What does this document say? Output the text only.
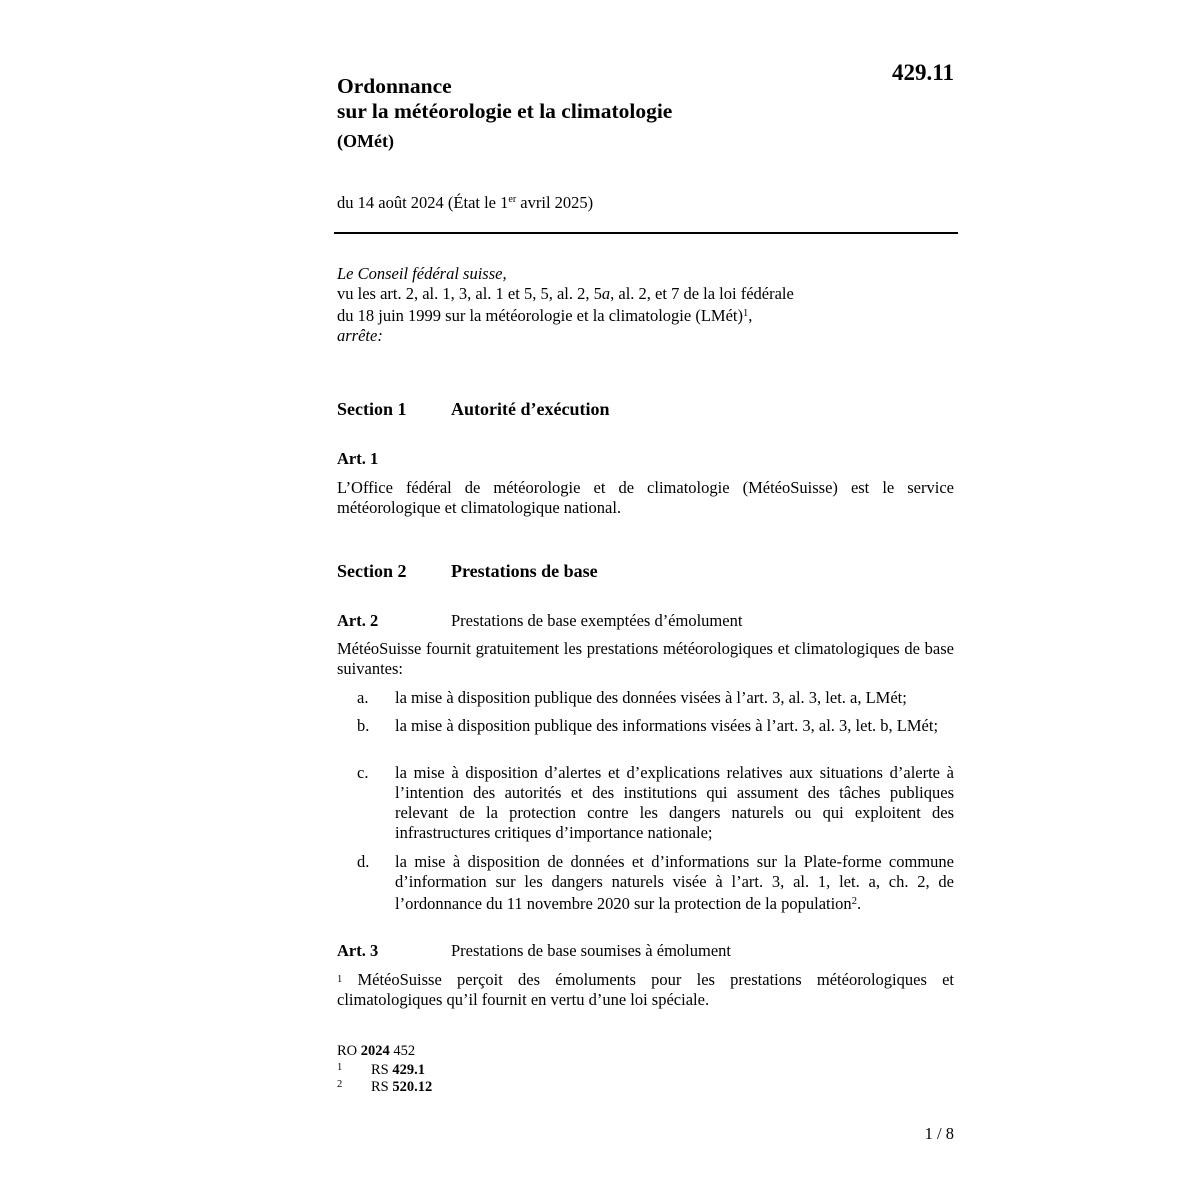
429.11
Ordonnance
sur la météorologie et la climatologie
(OMét)
du 14 août 2024 (État le 1er avril 2025)
Le Conseil fédéral suisse,
vu les art. 2, al. 1, 3, al. 1 et 5, 5, al. 2, 5a, al. 2, et 7 de la loi fédérale
du 18 juin 1999 sur la météorologie et la climatologie (LMét)$^1$,
arrête:
Section 1 Autorité d’exécution
Art. 1
L’Office fédéral de météorologie et de climatologie (MétéoSuisse) est le service météorologique et climatologique national.
Section 2 Prestations de base
Art. 2	Prestations de base exemptées d’émolument
MétéoSuisse fournit gratuitement les prestations météorologiques et climatologiques de base suivantes:
a.	la mise à disposition publique des données visées à l’art. 3, al. 3, let. a, LMét;
b.	la mise à disposition publique des informations visées à l’art. 3, al. 3, let. b, LMét;
c.	la mise à disposition d’alertes et d’explications relatives aux situations d’alerte à l’intention des autorités et des institutions qui assument des tâches publiques relevant de la protection contre les dangers naturels ou qui exploitent des infrastructures critiques d’importance nationale;
d.	la mise à disposition de données et d’informations sur la Plate-forme commune d’information sur les dangers naturels visée à l’art. 3, al. 1, let. a, ch. 2, de l’ordonnance du 11 novembre 2020 sur la protection de la population$^2$.
Art. 3	Prestations de base soumises à émolument
1 MétéoSuisse perçoit des émoluments pour les prestations météorologiques et climatologiques qu’il fournit en vertu d’une loi spéciale.
RO 2024 452
1	RS 429.1
2	RS 520.12
1 / 8
